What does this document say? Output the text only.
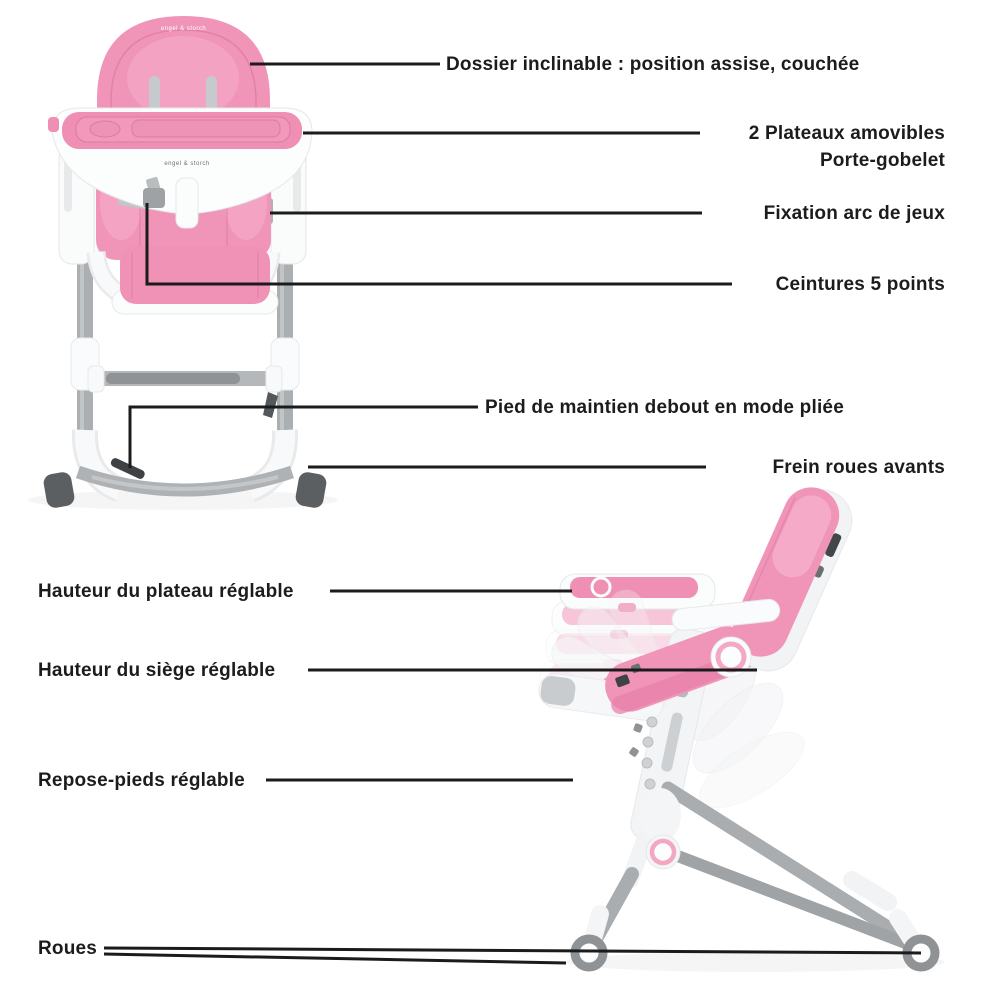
engel & storch
engel & storch
Dossier inclinable : position assise, couchée
2 Plateaux amovibles
Porte-gobelet
Fixation arc de jeux
Ceintures 5 points
Pied de maintien debout en mode pliée
Frein roues avants
Hauteur du plateau réglable
Hauteur du siège réglable
Repose-pieds réglable
Roues
